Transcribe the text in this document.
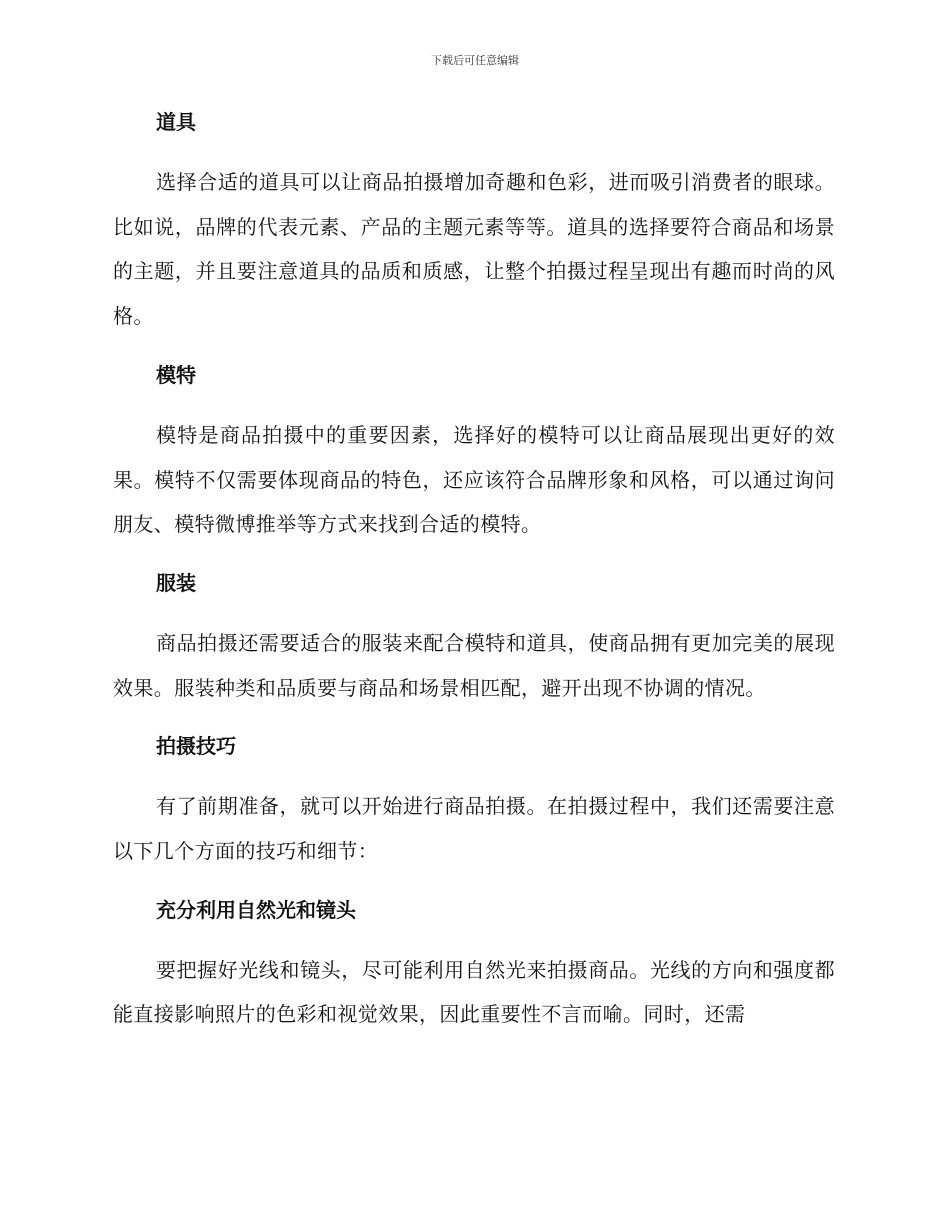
下载后可任意编辑
道具

选择合适的道具可以让商品拍摄增加奇趣和色彩，进而吸引消费者的眼球。比如说，品牌的代表元素、产品的主题元素等等。道具的选择要符合商品和场景的主题，并且要注意道具的品质和质感，让整个拍摄过程呈现出有趣而时尚的风格。

模特

模特是商品拍摄中的重要因素，选择好的模特可以让商品展现出更好的效果。模特不仅需要体现商品的特色，还应该符合品牌形象和风格，可以通过询问朋友、模特微博推举等方式来找到合适的模特。

服装

商品拍摄还需要适合的服装来配合模特和道具，使商品拥有更加完美的展现效果。服装种类和品质要与商品和场景相匹配，避开出现不协调的情况。

拍摄技巧

有了前期准备，就可以开始进行商品拍摄。在拍摄过程中，我们还需要注意以下几个方面的技巧和细节：

充分利用自然光和镜头

要把握好光线和镜头，尽可能利用自然光来拍摄商品。光线的方向和强度都能直接影响照片的色彩和视觉效果，因此重要性不言而喻。同时，还需
